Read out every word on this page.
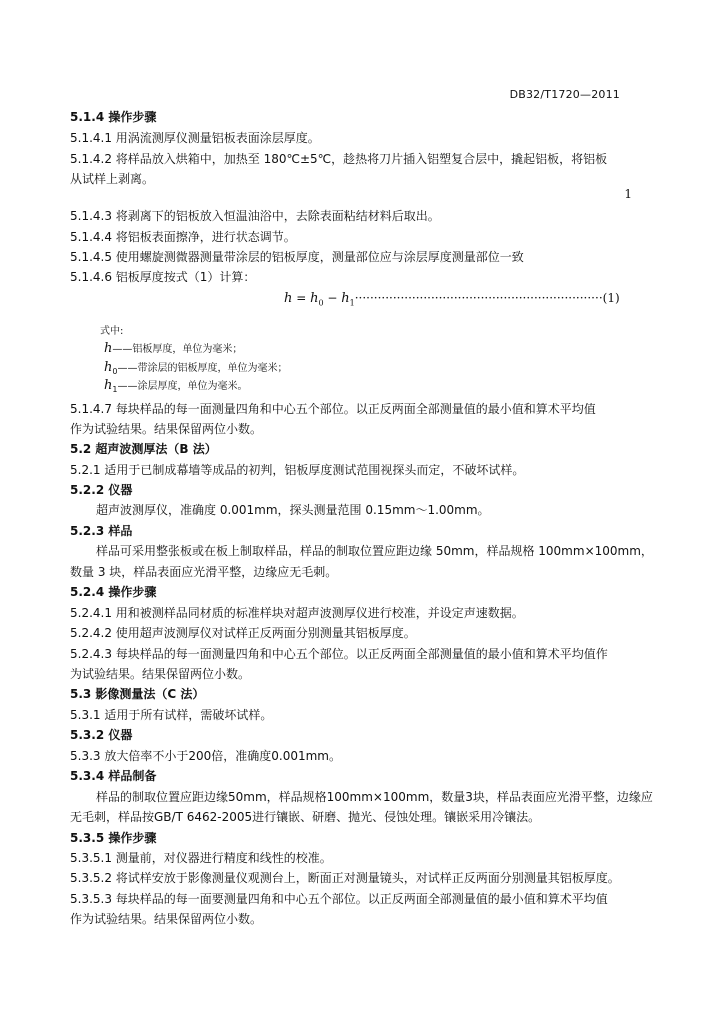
DB32/T1720—2011
1
5.1.4 操作步骤
5.1.4.1 用涡流测厚仪测量铝板表面涂层厚度。
5.1.4.2 将样品放入烘箱中，加热至 180℃±5℃，趁热将刀片插入铝塑复合层中，撬起铝板，将铝板
从试样上剥离。
5.1.4.3 将剥离下的铝板放入恒温油浴中，去除表面粘结材料后取出。
5.1.4.4 将铝板表面擦净，进行状态调节。
5.1.4.5 使用螺旋测微器测量带涂层的铝板厚度，测量部位应与涂层厚度测量部位一致
5.1.4.6 铝板厚度按式（1）计算：
$h = h_0 - h_1\cdot\cdot\cdot\cdot\cdot\cdot\cdot\cdot\cdot\cdot\cdot\cdot\cdot\cdot\cdot\cdot\cdot\cdot\cdot\cdot\cdot\cdot\cdot\cdot\cdot\cdot\cdot\cdot\cdot\cdot\cdot\cdot\cdot\cdot\cdot\cdot\cdot\cdot\cdot\cdot\cdot\cdot\cdot\cdot\cdot\cdot\cdot\cdot\cdot\cdot\cdot\cdot\cdot\cdot\cdot\cdot\cdot\cdot\cdot\cdot\cdot\cdot\cdot\cdot\cdot(1)$
式中:
h——铝板厚度，单位为毫米；
$h_0——$带涂层的铝板厚度，单位为毫米；
$h_1——$涂层厚度，单位为毫米。
5.1.4.7 每块样品的每一面测量四角和中心五个部位。以正反两面全部测量值的最小值和算术平均值
作为试验结果。结果保留两位小数。
5.2 超声波测厚法（B 法）
5.2.1 适用于已制成幕墙等成品的初判，铝板厚度测试范围视探头而定，不破坏试样。
5.2.2 仪器
超声波测厚仪，准确度 0.001mm，探头测量范围 0.15mm～1.00mm。
5.2.3 样品
样品可采用整张板或在板上制取样品，样品的制取位置应距边缘 50mm，样品规格 100mm×100mm，
数量 3 块，样品表面应光滑平整，边缘应无毛刺。
5.2.4 操作步骤
5.2.4.1 用和被测样品同材质的标准样块对超声波测厚仪进行校准，并设定声速数据。
5.2.4.2 使用超声波测厚仪对试样正反两面分别测量其铝板厚度。
5.2.4.3 每块样品的每一面测量四角和中心五个部位。以正反两面全部测量值的最小值和算术平均值作
为试验结果。结果保留两位小数。
5.3 影像测量法（C 法）
5.3.1 适用于所有试样，需破坏试样。
5.3.2 仪器
5.3.3 放大倍率不小于200倍，准确度0.001mm。
5.3.4 样品制备
样品的制取位置应距边缘50mm，样品规格100mm×100mm，数量3块，样品表面应光滑平整，边缘应
无毛刺，样品按GB/T 6462-2005进行镶嵌、研磨、抛光、侵蚀处理。镶嵌采用冷镶法。
5.3.5 操作步骤
5.3.5.1 测量前，对仪器进行精度和线性的校准。
5.3.5.2 将试样安放于影像测量仪观测台上，断面正对测量镜头，对试样正反两面分别测量其铝板厚度。
5.3.5.3 每块样品的每一面要测量四角和中心五个部位。以正反两面全部测量值的最小值和算术平均值
作为试验结果。结果保留两位小数。
